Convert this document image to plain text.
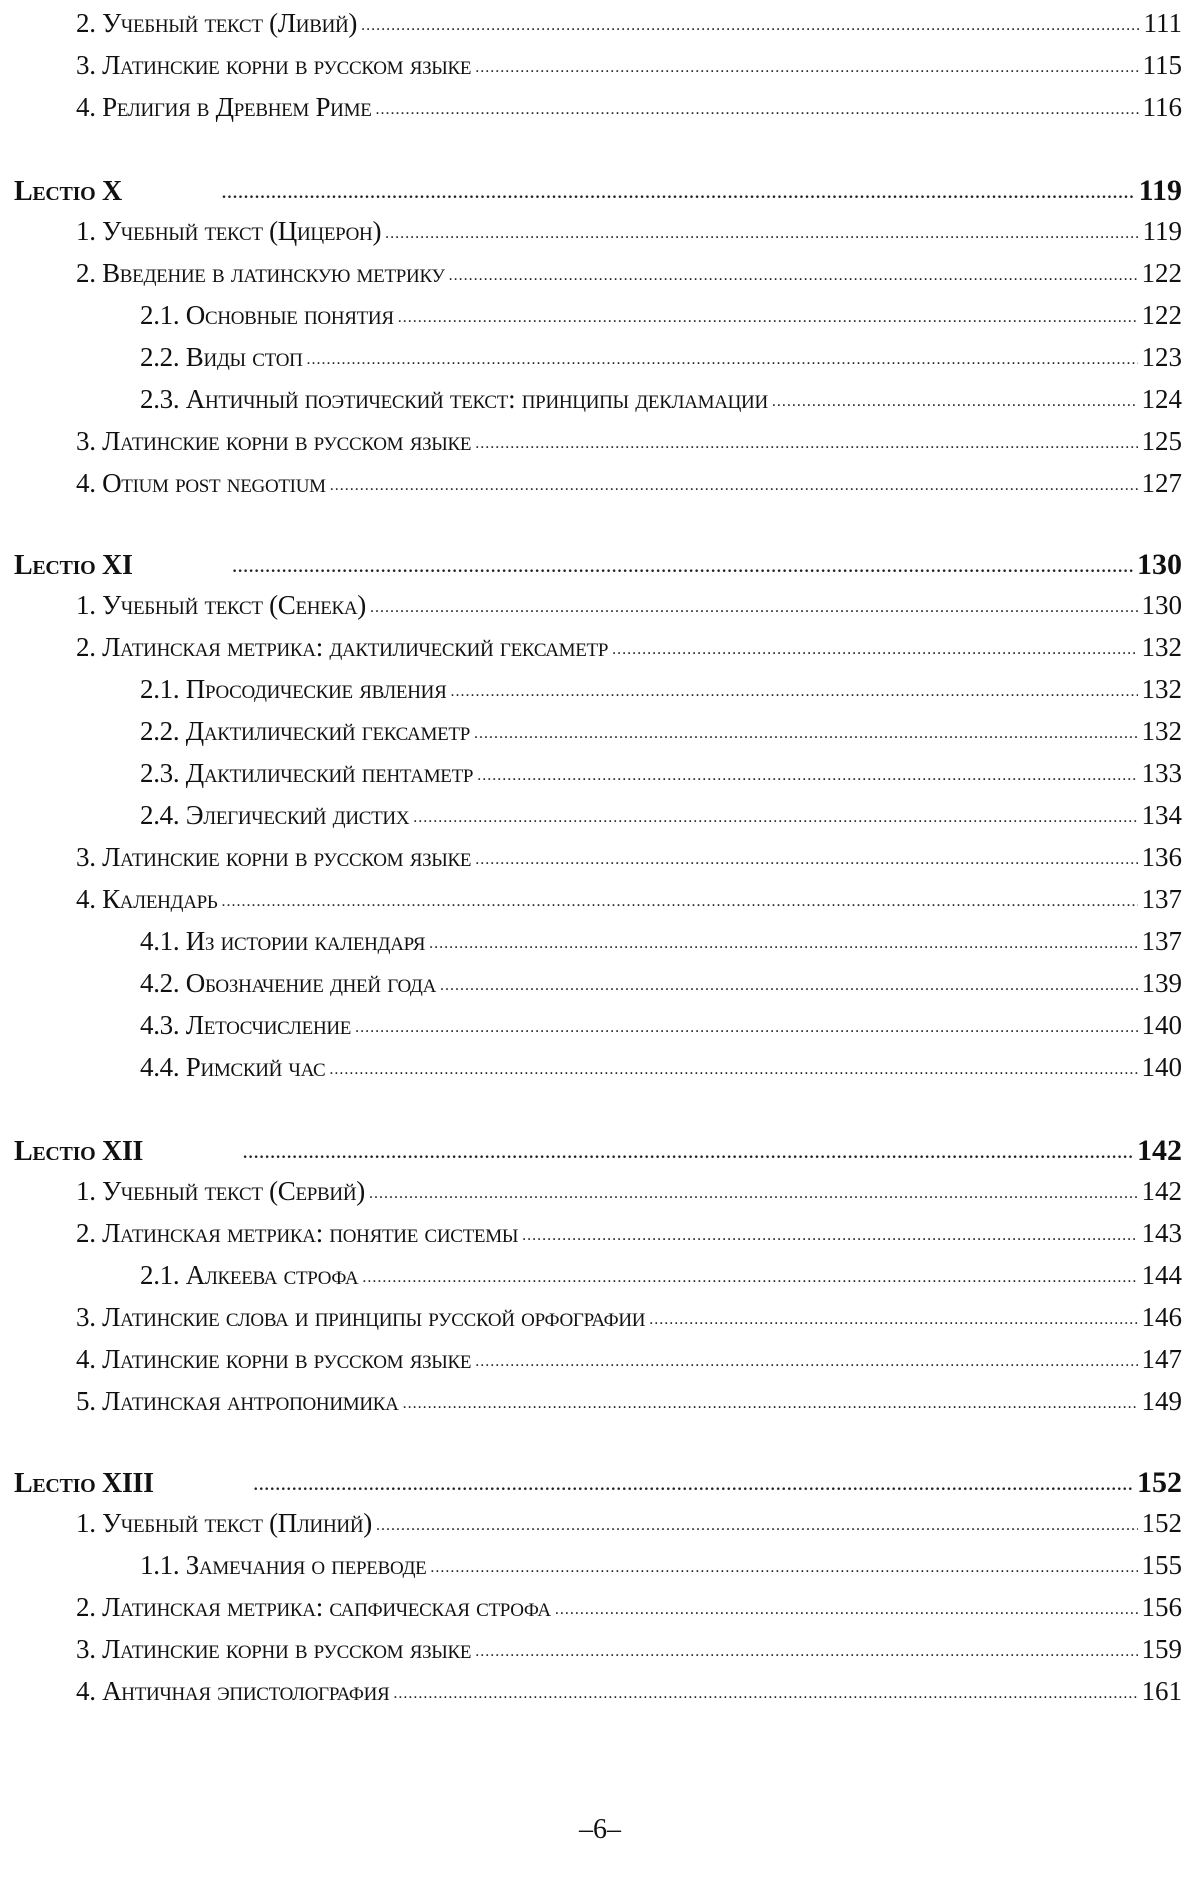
2. Учебный текст (Ливий) .....	111
3. Латинские корни в русском языке .....	115
4. Религия в Древнем Риме .....	116
Lectio X .....	119
1. Учебный текст (Цицерон) .....	119
2. Введение в латинскую метрику .....	122
2.1. Основные понятия .....	122
2.2. Виды стоп .....	123
2.3. Античный поэтический текст: принципы декламации .....	124
3. Латинские корни в русском языке .....	125
4. Otium post negotium .....	127
Lectio XI .....	130
1. Учебный текст (Сенека) .....	130
2. Латинская метрика: дактилический гексаметр .....	132
2.1. Просодические явления .....	132
2.2. Дактилический гексаметр .....	132
2.3. Дактилический пентаметр .....	133
2.4. Элегический дистих .....	134
3. Латинские корни в русском языке .....	136
4. Календарь .....	137
4.1. Из истории календаря .....	137
4.2. Обозначение дней года .....	139
4.3. Летосчисление .....	140
4.4. Римский час .....	140
Lectio XII .....	142
1. Учебный текст (Сервий) .....	142
2. Латинская метрика: понятие системы .....	143
2.1. Алкеева строфа .....	144
3. Латинские слова и принципы русской орфографии .....	146
4. Латинские корни в русском языке .....	147
5. Латинская антропонимика .....	149
Lectio XIII .....	152
1. Учебный текст (Плиний) .....	152
1.1. Замечания о переводе .....	155
2. Латинская метрика: сапфическая строфа .....	156
3. Латинские корни в русском языке .....	159
4. Античная эпистолография .....	161
–6–
